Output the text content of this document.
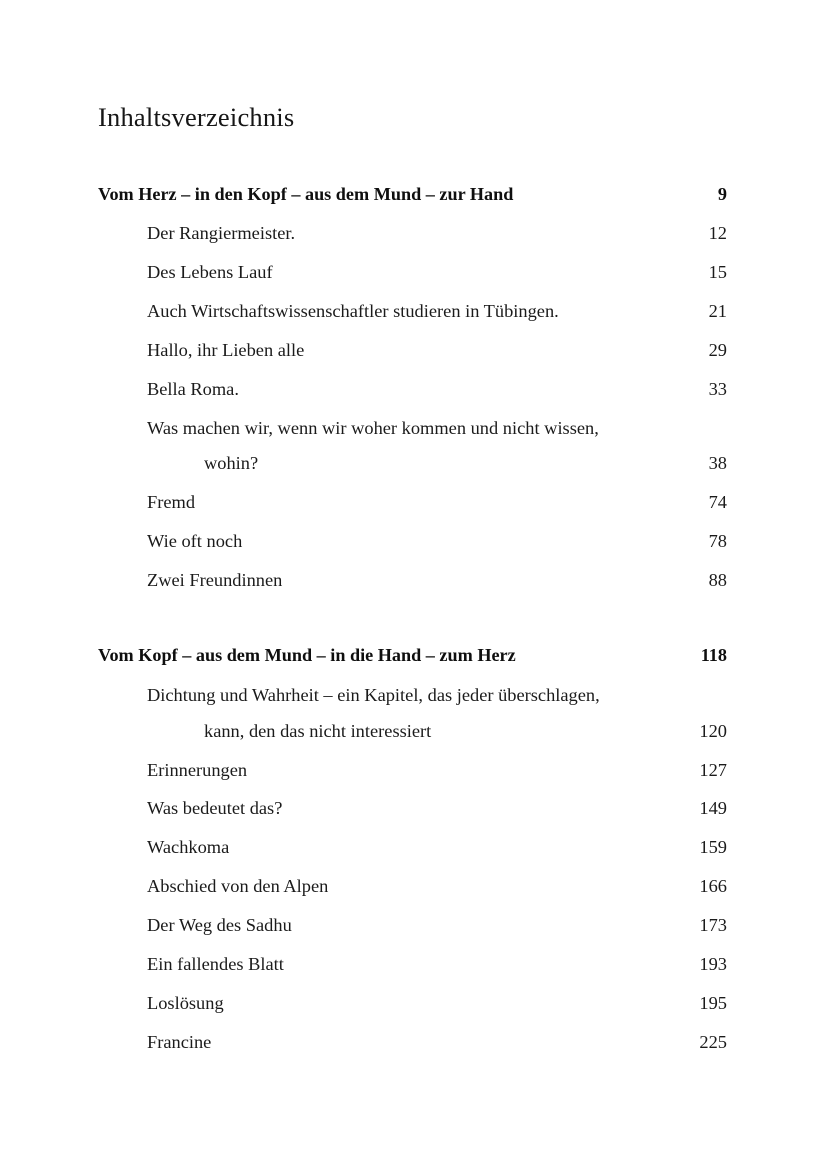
Inhaltsverzeichnis
Vom Herz – in den Kopf – aus dem Mund – zur Hand	9
Der Rangiermeister.	12
Des Lebens Lauf	15
Auch Wirtschaftswissenschaftler studieren in Tübingen.	21
Hallo, ihr Lieben alle	29
Bella Roma.	33
Was machen wir, wenn wir woher kommen und nicht wissen,
wohin?	38
Fremd	74
Wie oft noch	78
Zwei Freundinnen	88
Vom Kopf – aus dem Mund – in die Hand – zum Herz	118
Dichtung und Wahrheit – ein Kapitel, das jeder überschlagen,
kann, den das nicht interessiert	120
Erinnerungen	127
Was bedeutet das?	149
Wachkoma	159
Abschied von den Alpen	166
Der Weg des Sadhu	173
Ein fallendes Blatt	193
Loslösung	195
Francine	225
